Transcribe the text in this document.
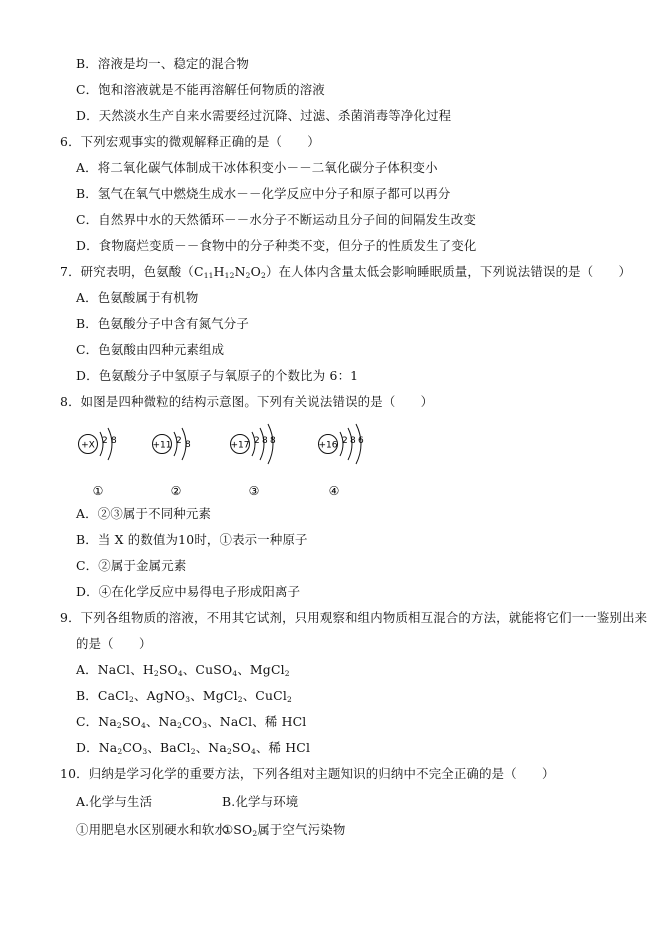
B．溶液是均一、稳定的混合物
C．饱和溶液就是不能再溶解任何物质的溶液
D．天然淡水生产自来水需要经过沉降、过滤、杀菌消毒等净化过程
6．下列宏观事实的微观解释正确的是（　　）
A．将二氧化碳气体制成干冰体积变小－－二氧化碳分子体积变小
B．氢气在氧气中燃烧生成水－－化学反应中分子和原子都可以再分
C．自然界中水的天然循环－－水分子不断运动且分子间的间隔发生改变
D．食物腐烂变质－－食物中的分子种类不变，但分子的性质发生了变化
7．研究表明，色氨酸$(C_{11}H_{12}N_2O_2)$在人体内含量太低会影响睡眠质量，下列说法错误的是（　　）
A．色氨酸属于有机物
B．色氨酸分子中含有氮气分子
C．色氨酸由四种元素组成
D．色氨酸分子中氢原子与氧原子的个数比为 6：1
8．如图是四种微粒的结构示意图。下列有关说法错误的是（　　）
+X 2 8
①
+11 2 8
②
+17 2 8 8
③
+16 2 8 6
④
A．②③属于不同种元素
B．当 X 的数值为10时，①表示一种原子
C．②属于金属元素
D．④在化学反应中易得电子形成阳离子
9．下列各组物质的溶液，不用其它试剂，只用观察和组内物质相互混合的方法，就能将它们一一鉴别出来
的是（　　）
A．NaCl、$H_2SO_4$、CuSO$_4$、MgCl$_2$
B．CaCl$_2$、AgNO$_3$、MgCl$_2$、CuCl$_2$
C．$Na_2SO_4$、$Na_2CO_3$、NaCl、稀 HCl
D．$Na_2CO_3$、BaCl$_2$、$Na_2SO_4$、稀 HCl
10．归纳是学习化学的重要方法，下列各组对主题知识的归纳中不完全正确的是（　　）
A.化学与生活	B.化学与环境
①用肥皂水区别硬水和软水
$①SO_2$属于空气污染物
